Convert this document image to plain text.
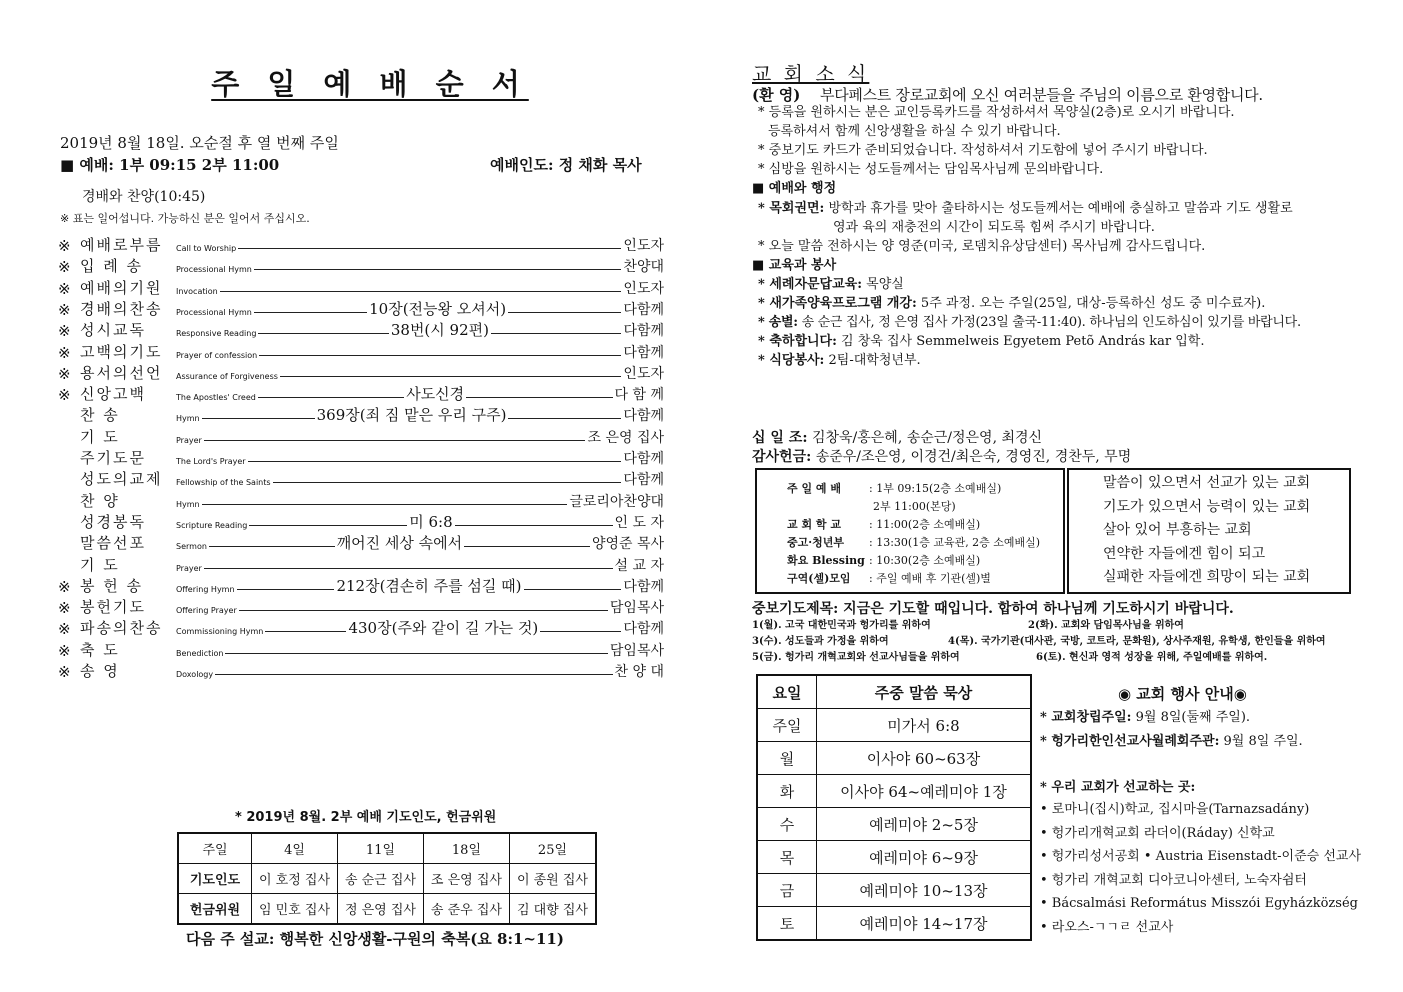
주 일 예 배 순 서
2019년 8월 18일. 오순절 후 열 번째 주일
■ 예배: 1부 09:15 2부 11:00	예배인도: 정 채화 목사
경배와 찬양(10:45)
※ 표는 일어섭니다. 가능하신 분은 일어서 주십시오.
※ 예배로부름	Call to Worship	인도자
※ 입 례 송	Processional Hymn	찬양대
※ 예배의기원	Invocation	인도자
※ 경배의찬송	Processional Hymn	10장(전능왕 오셔서)	다함께
※ 성시교독	Responsive Reading	38번(시 92편)	다함께
※ 고백의기도	Prayer of confession	다함께
※ 용서의선언	Assurance of Forgiveness	인도자
※ 신앙고백	The Apostles' Creed	사도신경	다 함 께
찬 송	Hymn	369장(죄 짐 맡은 우리 구주)	다함께
기 도	Prayer	조 은영 집사
주기도문	The Lord's Prayer	다함께
성도의교제	Fellowship of the Saints	다함께
찬 양	Hymn	글로리아찬양대
성경봉독	Scripture Reading	미 6:8	인 도 자
말씀선포	Sermon	깨어진 세상 속에서	양영준 목사
기 도	Prayer	설 교 자
※ 봉 헌 송	Offering Hymn	212장(겸손히 주를 섬길 때)	다함께
※ 봉헌기도	Offering Prayer	담임목사
※ 파송의찬송	Commissioning Hymn	430장(주와 같이 길 가는 것)	다함께
※ 축 도	Benediction	담임목사
※ 송 영	Doxology	찬 양 대
* 2019년 8월. 2부 예배 기도인도, 헌금위원
주일	4일	11일	18일	25일
기도인도	이 호정 집사	송 순근 집사	조 은영 집사	이 종원 집사
헌금위원	임 민호 집사	정 은영 집사	송 준우 집사	김 대향 집사
다음 주 설교: 행복한 신앙생활-구원의 축복(요 8:1~11)
교 회 소 식
(환 영) 부다페스트 장로교회에 오신 여러분들을 주님의 이름으로 환영합니다.
* 등록을 원하시는 분은 교인등록카드를 작성하셔서 목양실(2층)로 오시기 바랍니다.
등록하셔서 함께 신앙생활을 하실 수 있기 바랍니다.
* 중보기도 카드가 준비되었습니다. 작성하셔서 기도함에 넣어 주시기 바랍니다.
* 심방을 원하시는 성도들께서는 담임목사님께 문의바랍니다.
■ 예배와 행정
* 목회권면: 방학과 휴가를 맞아 출타하시는 성도들께서는 예배에 충실하고 말씀과 기도 생활로
영과 육의 재충전의 시간이 되도록 힘써 주시기 바랍니다.
* 오늘 말씀 전하시는 양 영준(미국, 로뎀치유상담센터) 목사님께 감사드립니다.
■ 교육과 봉사
* 세례자문답교육: 목양실
* 새가족양육프로그램 개강: 5주 과정. 오는 주일(25일, 대상-등록하신 성도 중 미수료자).
* 송별: 송 순근 집사, 정 은영 집사 가정(23일 출국-11:40). 하나님의 인도하심이 있기를 바랍니다.
* 축하합니다: 김 창욱 집사 Semmelweis Egyetem Petõ András kar 입학.
* 식당봉사: 2팀-대학청년부.
십 일 조: 김창욱/홍은혜, 송순근/정은영, 최경신
감사헌금: 송준우/조은영, 이경건/최은숙, 경영진, 경찬두, 무명
주 일 예 배	: 1부 09:15(2층 소예배실)
2부 11:00(본당)
교 회 학 교	: 11:00(2층 소예배실)
중고·청년부 : 13:30(1층 교육관, 2층 소예배실)
화요 Blessing : 10:30(2층 소예배실)
구역(셀)모임 : 주일 예배 후 기관(셀)별
말씀이 있으면서 선교가 있는 교회
기도가 있으면서 능력이 있는 교회
살아 있어 부흥하는 교회
연약한 자들에겐 힘이 되고
실패한 자들에겐 희망이 되는 교회
중보기도제목: 지금은 기도할 때입니다. 합하여 하나님께 기도하시기 바랍니다.
1(월). 고국 대한민국과 헝가리를 위하여	2(화). 교회와 담임목사님을 위하여
3(수). 성도들과 가정을 위하여	4(목). 국가기관(대사관, 국방, 코트라, 문화원), 상사주재원, 유학생, 한인들을 위하여
5(금). 헝가리 개혁교회와 선교사님들을 위하여	6(토). 현신과 영적 성장을 위해, 주일예배를 위하여.
요일	주중 말씀 묵상
주일	미가서 6:8
월	이사야 60~63장
화	이사야 64~예레미야 1장
수	예레미야 2~5장
목	예레미야 6~9장
금	예레미야 10~13장
토	예레미야 14~17장
◉ 교회 행사 안내◉
* 교회창립주일: 9월 8일(둘째 주일).
* 헝가리한인선교사월례회주관: 9월 8일 주일.
* 우리 교회가 선교하는 곳:
• 로마니(집시)학교, 집시마을(Tarnazsadány)
• 헝가리개혁교회 라더이(Ráday) 신학교
• 헝가리성서공회 • Austria Eisenstadt-이준승 선교사
• 헝가리 개혁교회 디아코니아센터, 노숙자쉼터
• Bácsalmási Református Misszói Egyházközség
• 라오스-ㄱㄱㄹ 선교사
